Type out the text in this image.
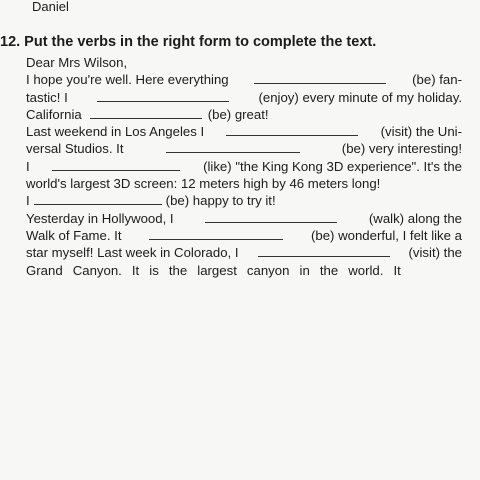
Daniel
12. Put the verbs in the right form to complete the text.
Dear Mrs Wilson,
I hope you're well. Here everything	(be) fan-
tastic! I	(enjoy) every minute of my holiday.
California	(be) great!
Last weekend in Los Angeles I	(visit) the Uni-
versal Studios. It	(be) very interesting!
I	(like) "the King Kong 3D experience". It's the
world's largest 3D screen: 12 meters high by 46 meters long!
I	(be) happy to try it!
Yesterday in Hollywood, I	(walk) along the
Walk of Fame. It	(be) wonderful, I felt like a
star myself! Last week in Colorado, I	(visit) the
Grand Canyon. It is the largest canyon in the world. It
